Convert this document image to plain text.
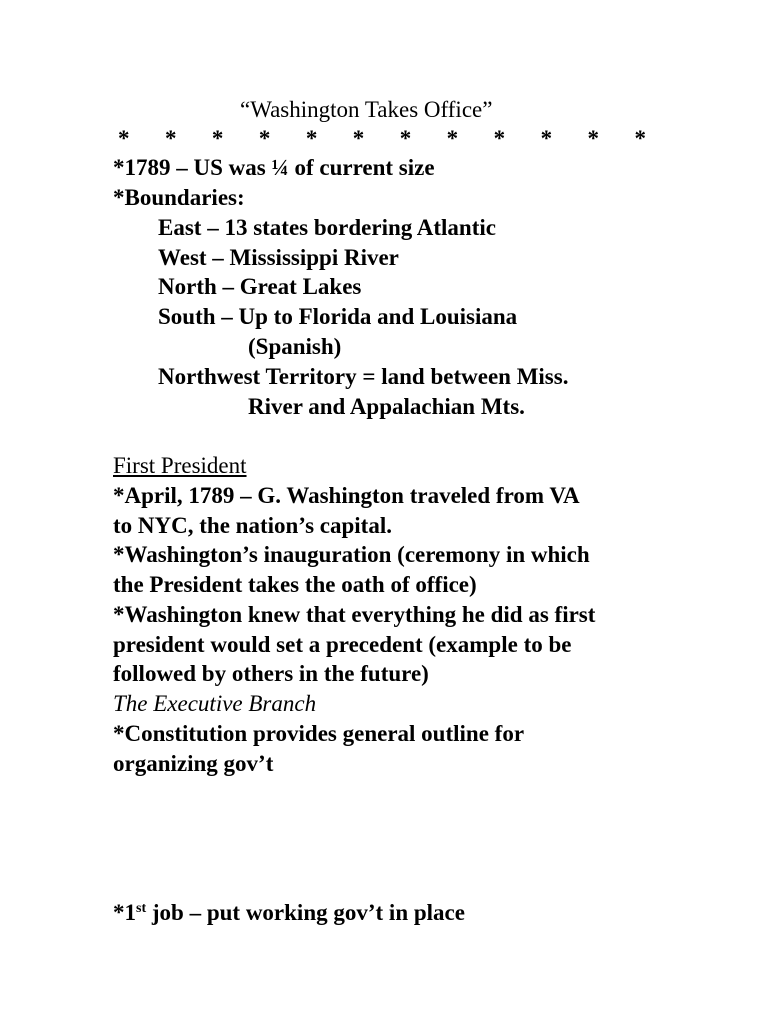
“Washington Takes Office”
* * * * * * * * * * * *
*1789 – US was ¼ of current size
*Boundaries:
East – 13 states bordering Atlantic
West – Mississippi River
North – Great Lakes
South – Up to Florida and Louisiana
(Spanish)
Northwest Territory = land between Miss.
River and Appalachian Mts.
First President
*April, 1789 – G. Washington traveled from VA
to NYC, the nation’s capital.
*Washington’s inauguration (ceremony in which
the President takes the oath of office)
*Washington knew that everything he did as first
president would set a precedent (example to be
followed by others in the future)
The Executive Branch
*Constitution provides general outline for
organizing gov’t
*1st job – put working gov’t in place
